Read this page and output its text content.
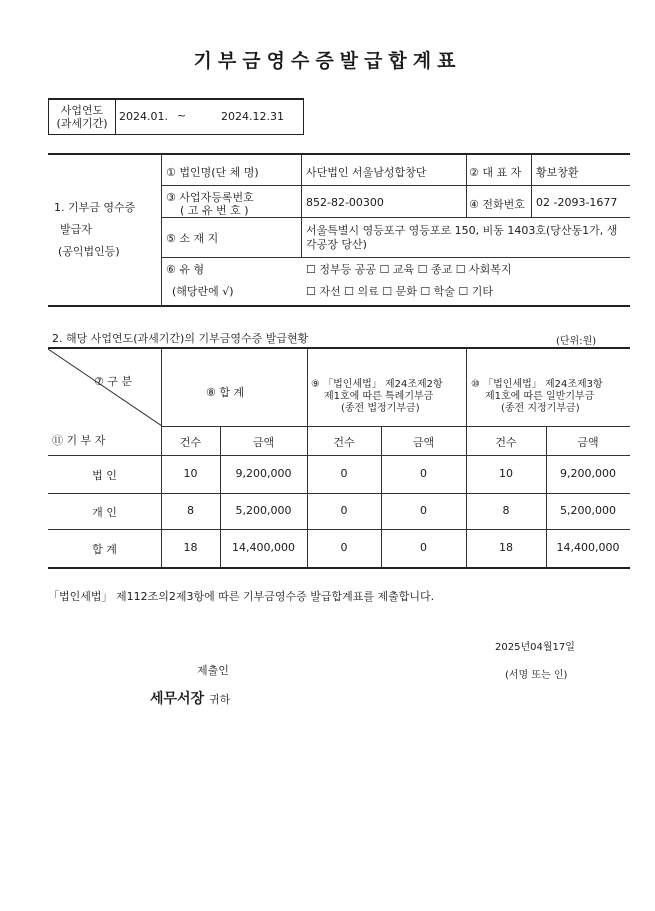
기부금영수증발급합계표
사업연도
(과세기간)
2024.01. ~	2024.12.31
1. 기부금 영수증
발급자
(공익법인등)
① 법인명(단 체 명)	사단법인 서울남성합창단	② 대 표 자 황보창환
③ 사업자등록번호
( 고 유 번 호 )
852-82-00300	④ 전화번호 02 -2093-1677
⑤ 소 재 지
서울특별시 영등포구 영등포로 150, 비동 1403호(당산동1가, 생
각공장 당산)
⑥ 유 형
(해당란에 √)
☐ 정부등 공공 ☐ 교육 ☐ 종교 ☐ 사회복지
☐ 자선 ☐ 의료 ☐ 문화 ☐ 학술 ☐ 기타
2. 해당 사업연도(과세기간)의 기부금영수증 발급현황	(단위:원)
⑦ 구 분
⑪ 기 부 자
⑧ 합 계
⑨ 「법인세법」 제24조제2항
제1호에 따른 특례기부금
(종전 법정기부금)
⑩ 「법인세법」 제24조제3항
제1호에 따른 일반기부금
(종전 지정기부금)
건수	금액	건수	금액	건수	금액
법 인	10	9,200,000	0	0	10	9,200,000
개 인	8	5,200,000	0	0	8	5,200,000
합 계	18	14,400,000	0	0	18	14,400,000
「법인세법」 제112조의2제3항에 따른 기부금영수증 발급합계표를 제출합니다.
2025년04월17일
제출인	(서명 또는 인)
세무서장 귀하
